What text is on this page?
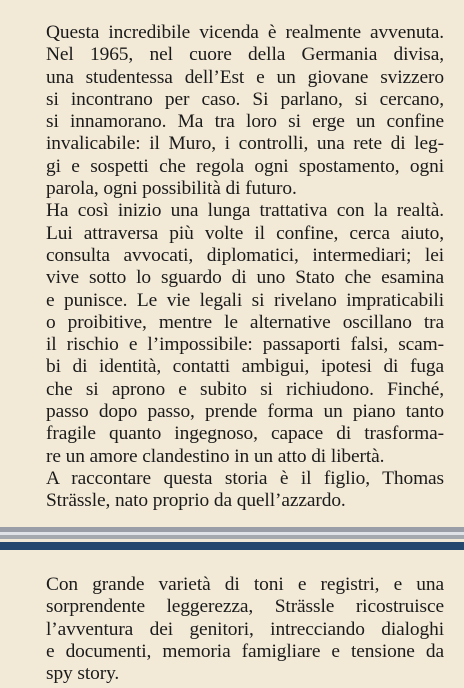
Questa incredibile vicenda è realmente avvenuta.
Nel 1965, nel cuore della Germania divisa,
una studentessa dell’Est e un giovane svizzero
si incontrano per caso. Si parlano, si cercano,
si innamorano. Ma tra loro si erge un confine
invalicabile: il Muro, i controlli, una rete di leg-
gi e sospetti che regola ogni spostamento, ogni
parola, ogni possibilità di futuro.
Ha così inizio una lunga trattativa con la realtà.
Lui attraversa più volte il confine, cerca aiuto,
consulta avvocati, diplomatici, intermediari; lei
vive sotto lo sguardo di uno Stato che esamina
e punisce. Le vie legali si rivelano impraticabili
o proibitive, mentre le alternative oscillano tra
il rischio e l’impossibile: passaporti falsi, scam-
bi di identità, contatti ambigui, ipotesi di fuga
che si aprono e subito si richiudono. Finché,
passo dopo passo, prende forma un piano tanto
fragile quanto ingegnoso, capace di trasforma-
re un amore clandestino in un atto di libertà.
A raccontare questa storia è il figlio, Thomas
Strässle, nato proprio da quell’azzardo.
Con grande varietà di toni e registri, e una
sorprendente leggerezza, Strässle ricostruisce
l’avventura dei genitori, intrecciando dialoghi
e documenti, memoria famigliare e tensione da
spy story.
